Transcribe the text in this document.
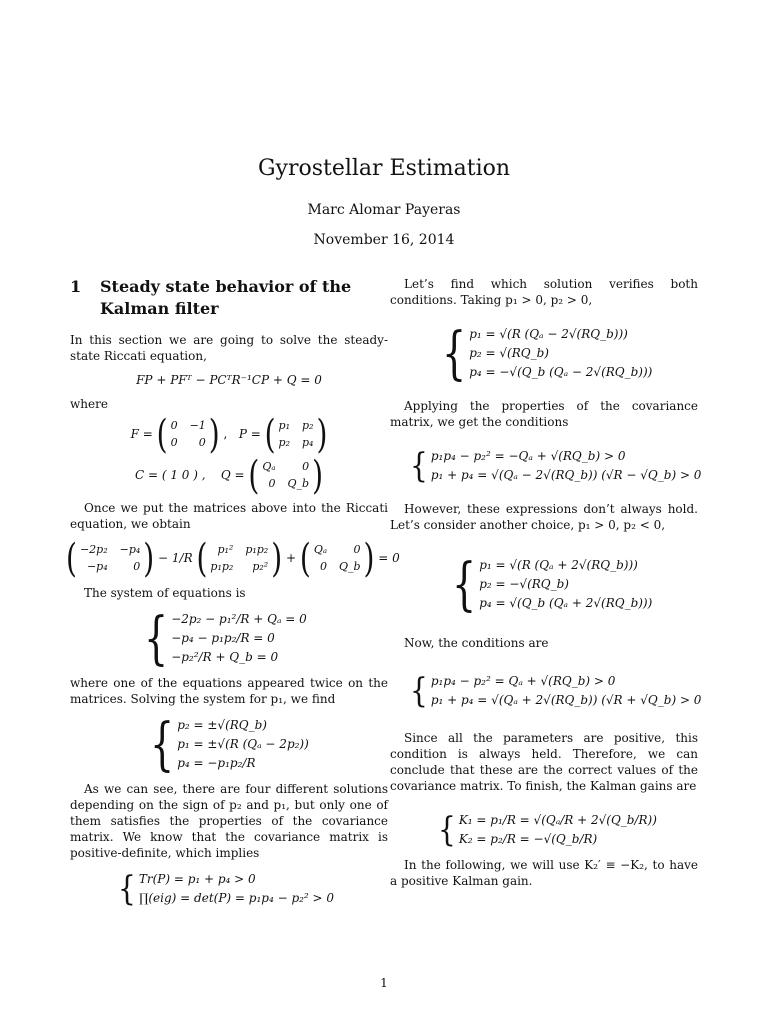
Gyrostellar Estimation
Marc Alomar Payeras
November 16, 2014
1	Steady state behavior of the Kalman filter

In this section we are going to solve the steady-state Riccati equation,

FP + PFᵀ − PCᵀR⁻¹CP + Q = 0

where

F = ( 0 −1
0	0 ) ,   P = ( p₁ p₂
p₂ p₄ )
C = ( 1 0 ) , Q = ( Qₐ	0
0 Q_b )

Once we put the matrices above into the Riccati equation, we obtain

( −2p₂ −p₄
−p₄	0 ) − 1/R ( p₁² p₁p₂
p₁p₂	p₂² ) + ( Qₐ	0
0 Q_b ) = 0

The system of equations is

{ −2p₂ − p₁²/R + Qₐ = 0
−p₄ − p₁p₂/R = 0
−p₂²/R + Q_b = 0

where one of the equations appeared twice on the matrices. Solving the system for p₁, we find

{ p₂ = ±√(RQ_b)
p₁ = ±√(R (Qₐ − 2p₂))
p₄ = −p₁p₂/R

As we can see, there are four different solutions depending on the sign of p₂ and p₁, but only one of them satisfies the properties of the covariance matrix. We know that the covariance matrix is positive-definite, which implies

{ Tr(P) = p₁ + p₄ > 0
∏(eig) = det(P) = p₁p₄ − p₂² > 0

Let’s find which solution verifies both conditions. Taking p₁ > 0, p₂ > 0,

{ p₁ = √(R (Qₐ − 2√(RQ_b)))
p₂ = √(RQ_b)
p₄ = −√(Q_b (Qₐ − 2√(RQ_b)))

Applying the properties of the covariance matrix, we get the conditions

{ p₁p₄ − p₂² = −Qₐ + √(RQ_b) > 0
p₁ + p₄ = √(Qₐ − 2√(RQ_b)) (√R − √Q_b) > 0

However, these expressions don’t always hold. Let’s consider another choice, p₁ > 0, p₂ < 0,

{ p₁ = √(R (Qₐ + 2√(RQ_b)))
p₂ = −√(RQ_b)
p₄ = √(Q_b (Qₐ + 2√(RQ_b)))

Now, the conditions are

{ p₁p₄ − p₂² = Qₐ + √(RQ_b) > 0
p₁ + p₄ = √(Qₐ + 2√(RQ_b)) (√R + √Q_b) > 0

Since all the parameters are positive, this condition is always held. Therefore, we can conclude that these are the correct values of the covariance matrix. To finish, the Kalman gains are

{ K₁ = p₁/R = √(Qₐ/R + 2√(Q_b/R))
K₂ = p₂/R = −√(Q_b/R)

In the following, we will use K₂′ ≡ −K₂, to have a positive Kalman gain.

1
